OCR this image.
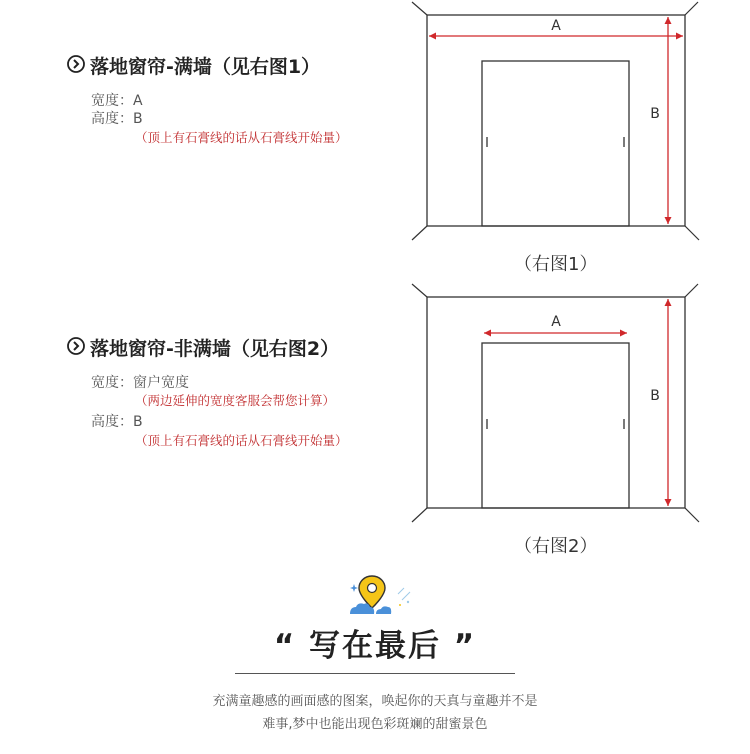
落地窗帘-满墙（见右图1）
宽度：A
高度：B
（顶上有石膏线的话从石膏线开始量）
A
B
（右图1）
落地窗帘-非满墙（见右图2）
宽度：窗户宽度
（两边延伸的宽度客服会帮您计算）
高度：B
（顶上有石膏线的话从石膏线开始量）
A
B
（右图2）
“ 写在最后 ”
充满童趣感的画面感的图案，唤起你的天真与童趣并不是
难事,梦中也能出现色彩斑斓的甜蜜景色
